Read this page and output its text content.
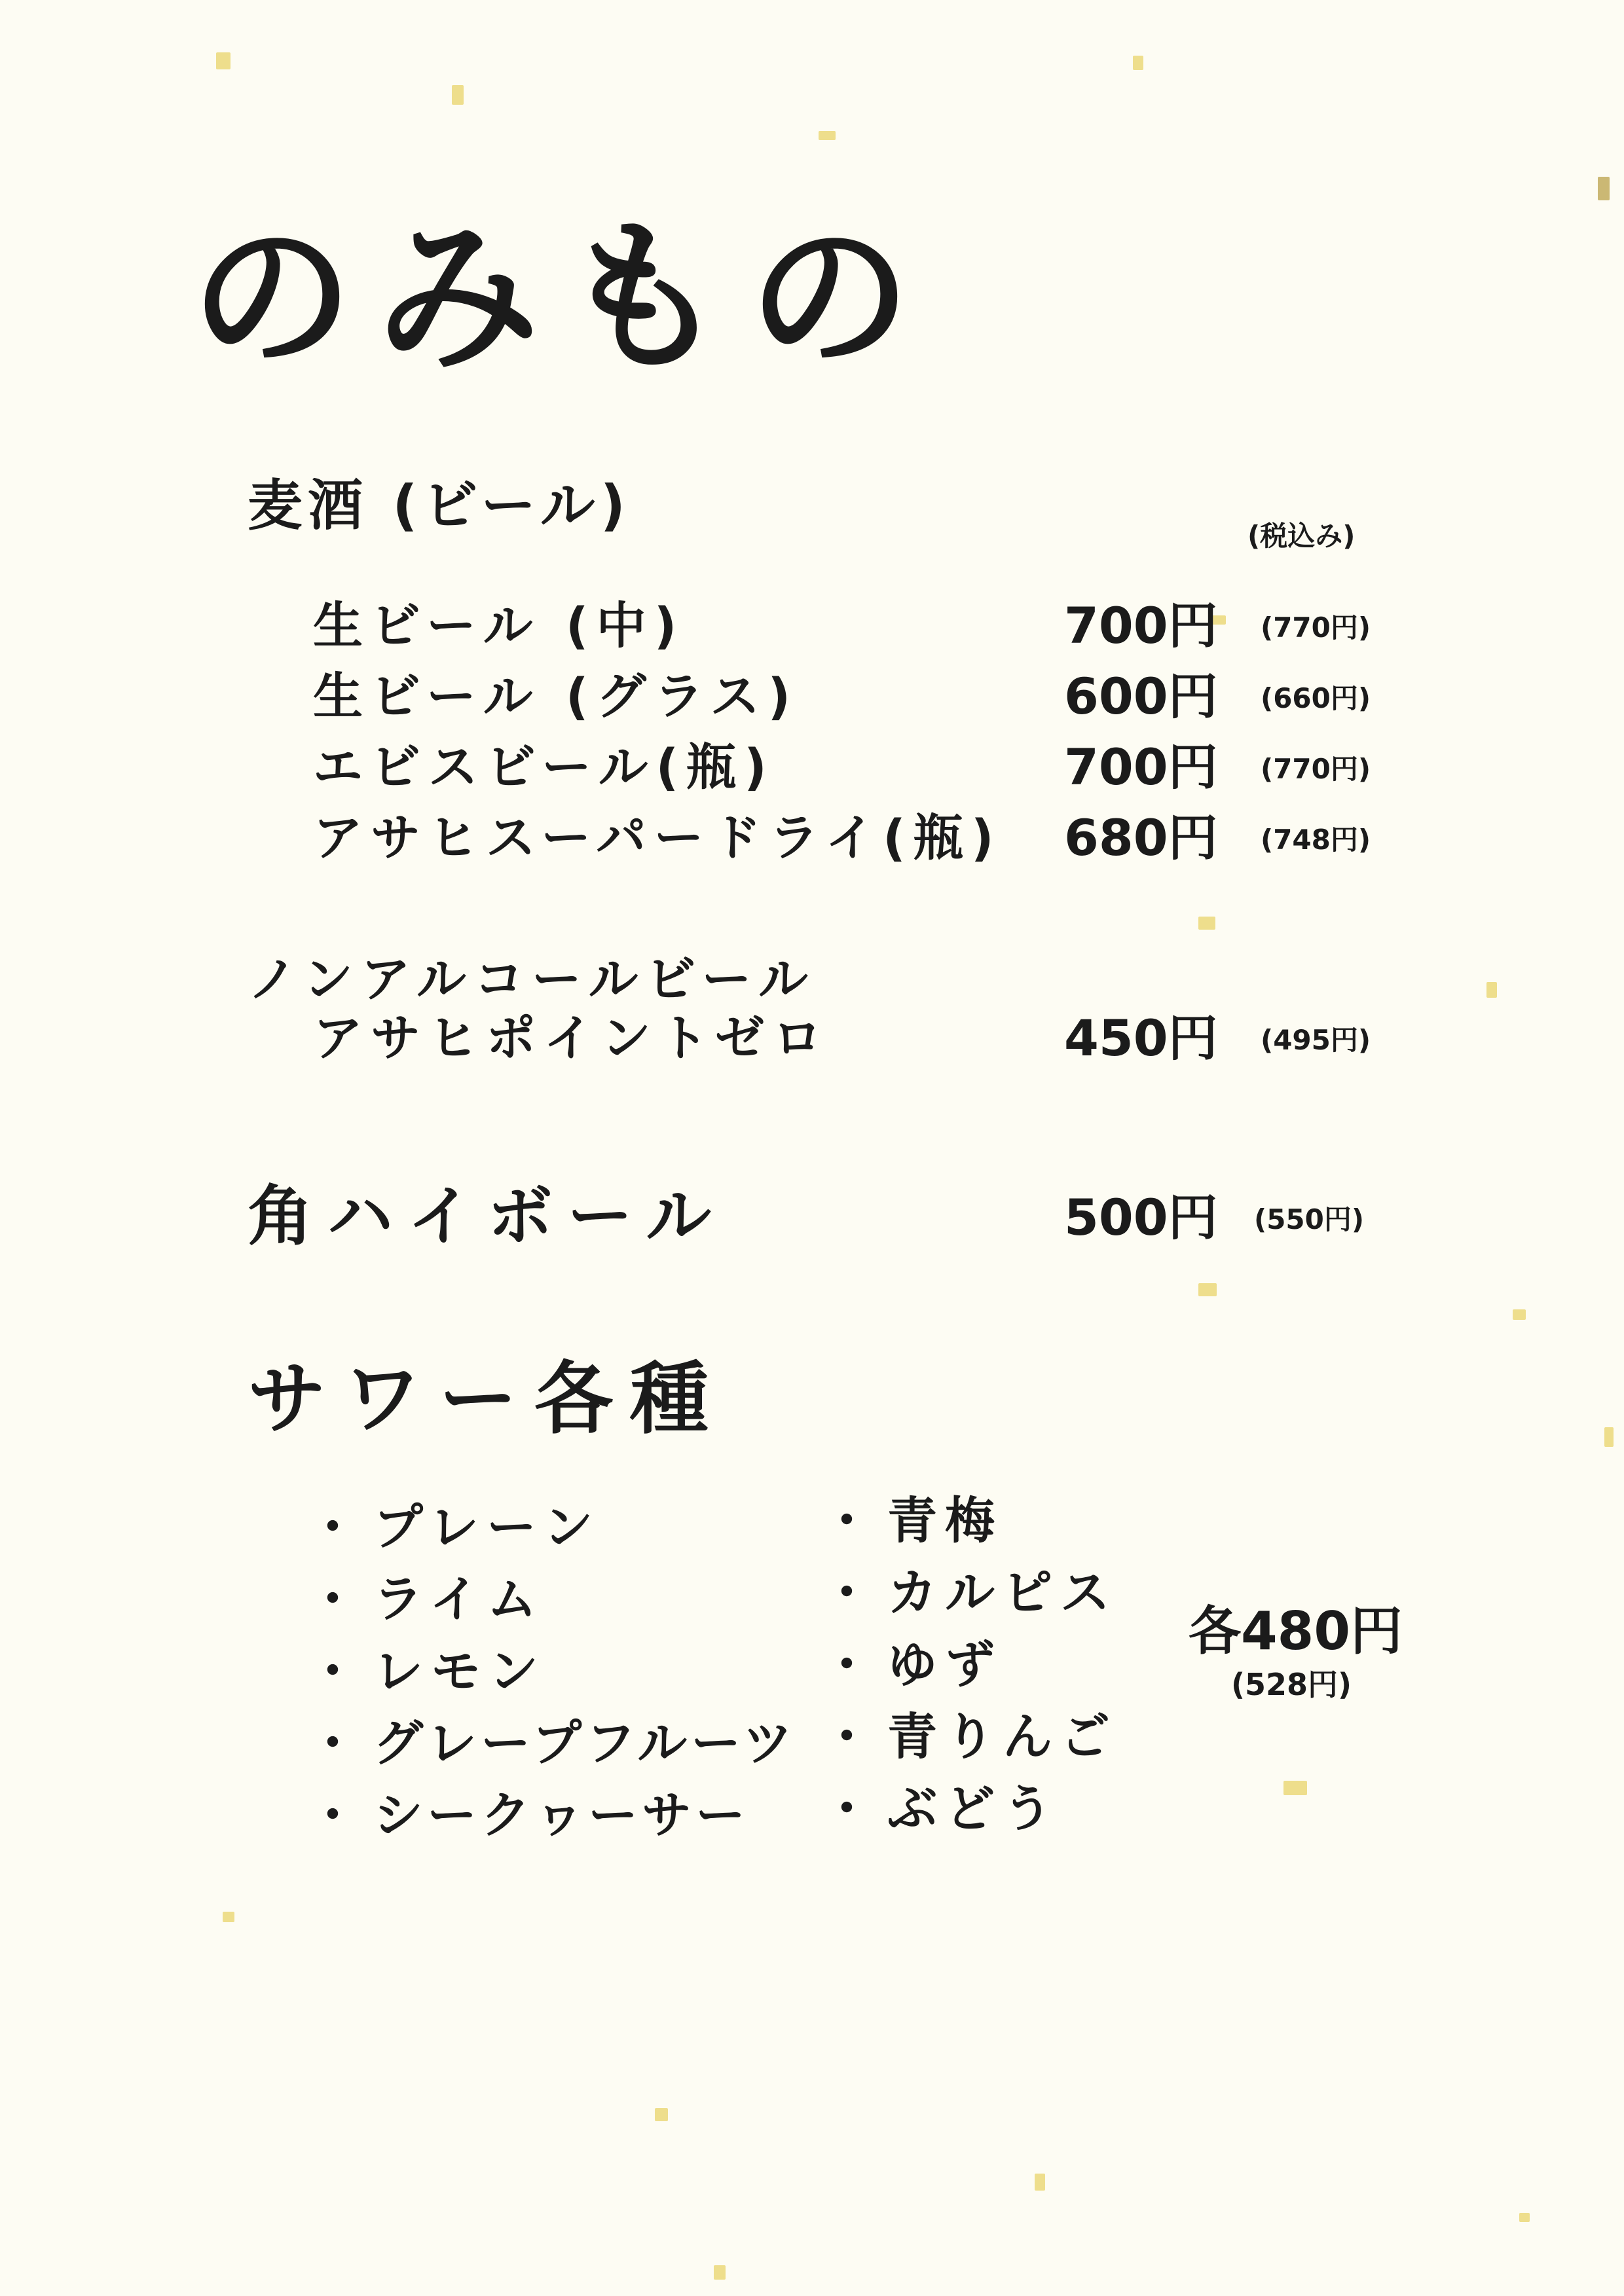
のみもの
麦酒 (ビール)	(税込み)
生ビール (中)	700円 (770円)
生ビール (グラス)	600円 (660円)
エビスビール(瓶)	700円 (770円)
アサヒスーパードライ(瓶) 680円 (748円)
ノンアルコールビール
アサヒポイントゼロ	450円 (495円)
角ハイボール	500円 (550円)
サワー各種
・ プレーン
・ ライム
・ レモン
・ グレープフルーツ
・ シークヮーサー
・ 青梅
・ カルピス
・ ゆず
・ 青りんご
・ ぶどう
各480円
(528円)
